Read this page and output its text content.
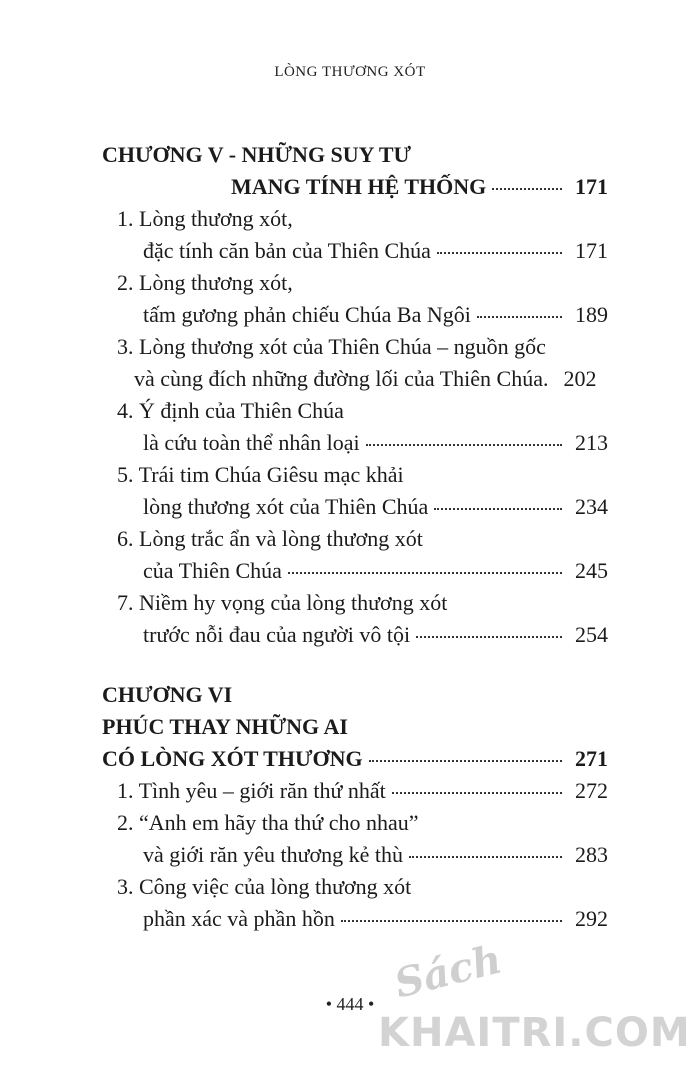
LÒNG THƯƠNG XÓT
CHƯƠNG V - NHỮNG SUY TƯ
MANG TÍNH HỆ THỐNG	171
1. Lòng thương xót,
đặc tính căn bản của Thiên Chúa	171
2. Lòng thương xót,
tấm gương phản chiếu Chúa Ba Ngôi	189
3. Lòng thương xót của Thiên Chúa – nguồn gốc
và cùng đích những đường lối của Thiên Chúa. 202
4. Ý định của Thiên Chúa
là cứu toàn thể nhân loại	213
5. Trái tim Chúa Giêsu mạc khải
lòng thương xót của Thiên Chúa	234
6. Lòng trắc ẩn và lòng thương xót
của Thiên Chúa	245
7. Niềm hy vọng của lòng thương xót
trước nỗi đau của người vô tội	254
CHƯƠNG VI
PHÚC THAY NHỮNG AI
CÓ LÒNG XÓT THƯƠNG	271
1. Tình yêu – giới răn thứ nhất	272
2. “Anh em hãy tha thứ cho nhau”
và giới răn yêu thương kẻ thù	283
3. Công việc của lòng thương xót
phần xác và phần hồn	292
• 444 • Sách
KHAITRI.COM
